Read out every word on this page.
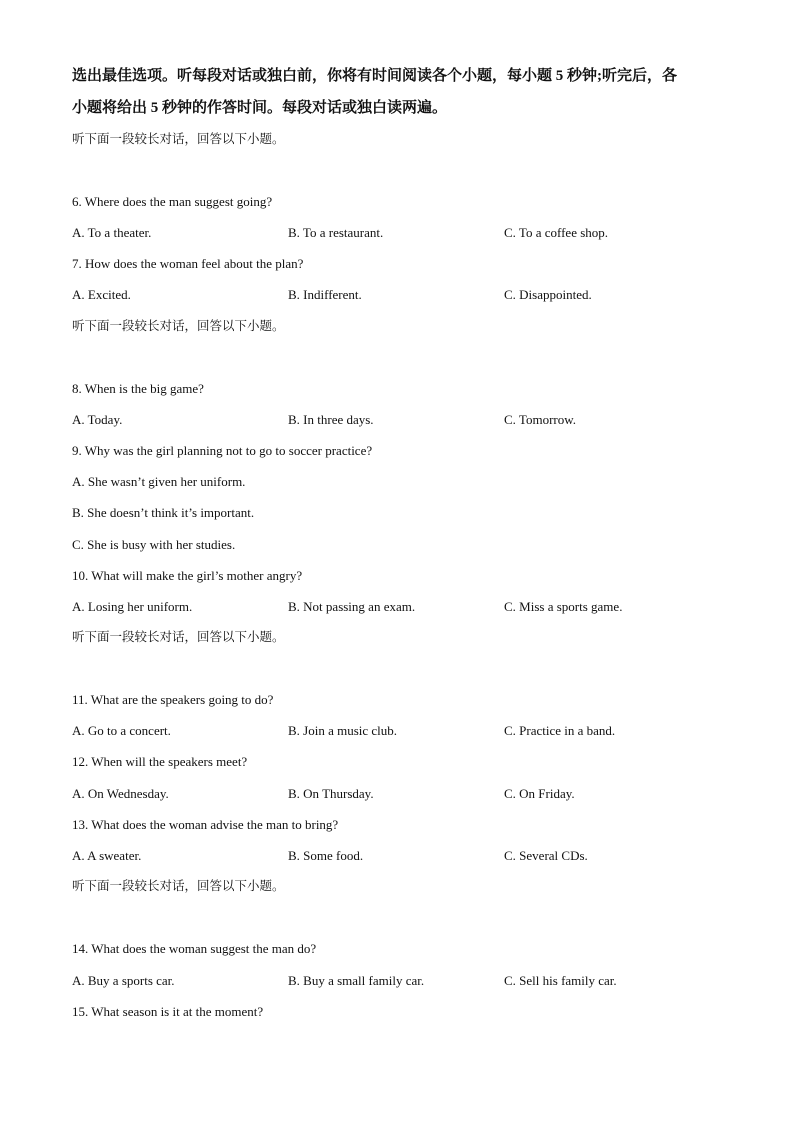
选出最佳选项。听每段对话或独白前，你将有时间阅读各个小题，每小题 5 秒钟;听完后，各
小题将给出 5 秒钟的作答时间。每段对话或独白读两遍。
听下面一段较长对话，回答以下小题。
6. Where does the man suggest going?
A. To a theater.	B. To a restaurant.	C. To a coffee shop.
7. How does the woman feel about the plan?
A. Excited.	B. Indifferent.	C. Disappointed.
听下面一段较长对话，回答以下小题。
8. When is the big game?
A. Today.	B. In three days.	C. Tomorrow.
9. Why was the girl planning not to go to soccer practice?
A. She wasn’t given her uniform.
B. She doesn’t think it’s important.
C. She is busy with her studies.
10. What will make the girl’s mother angry?
A. Losing her uniform.	B. Not passing an exam.	C. Miss a sports game.
听下面一段较长对话，回答以下小题。
11. What are the speakers going to do?
A. Go to a concert.	B. Join a music club.	C. Practice in a band.
12. When will the speakers meet?
A. On Wednesday.	B. On Thursday.	C. On Friday.
13. What does the woman advise the man to bring?
A. A sweater.	B. Some food.	C. Several CDs.
听下面一段较长对话，回答以下小题。
14. What does the woman suggest the man do?
A. Buy a sports car.	B. Buy a small family car.	C. Sell his family car.
15. What season is it at the moment?
